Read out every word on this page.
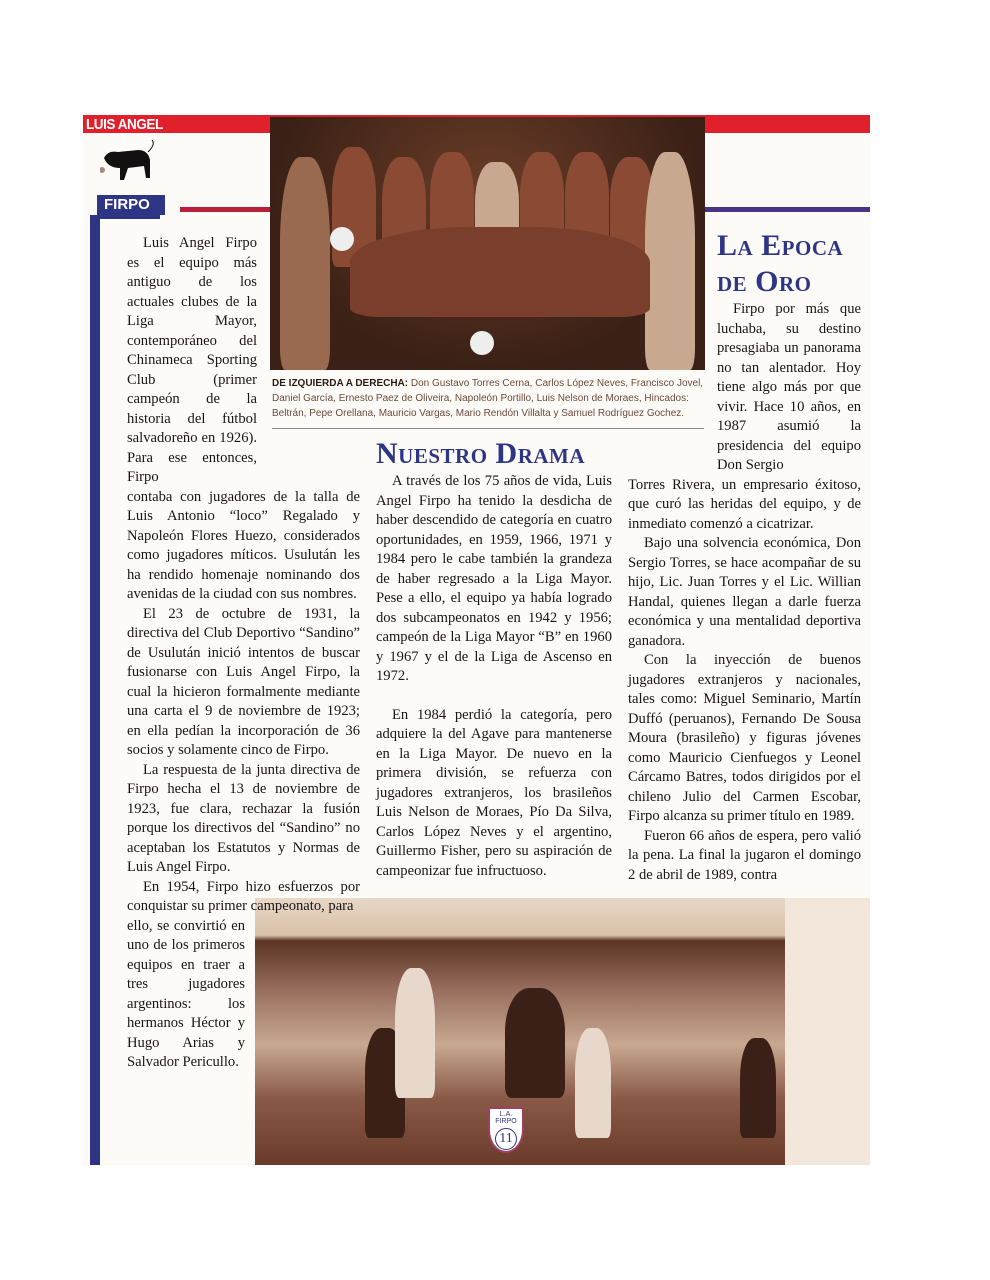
LUIS ANGEL
FIRPO
DE IZQUIERDA A DERECHA: Don Gustavo Torres Cerna, Carlos López Neves, Francisco Jovel, Daniel García, Ernesto Paez de Oliveira, Napoleón Portillo, Luis Nelson de Moraes, Hincados: Beltrán, Pepe Orellana, Mauricio Vargas, Mario Rendón Villalta y Samuel Rodríguez Gochez.
L.A. FIRPO
11

Luis Angel Firpo es el equipo más antiguo de los actuales clubes de la Liga Mayor, contemporáneo del Chinameca Sporting Club (primer campeón de la historia del fútbol salvadoreño en 1926). Para ese entonces, Firpo

contaba con jugadores de la talla de Luis Antonio “loco” Regalado y Napoleón Flores Huezo, considerados como jugadores míticos. Usulután les ha rendido homenaje nominando dos avenidas de la ciudad con sus nombres.

El 23 de octubre de 1931, la directiva del Club Deportivo “Sandino” de Usulután inició intentos de buscar fusionarse con Luis Angel Firpo, la cual la hicieron formalmente mediante una carta el 9 de noviembre de 1923; en ella pedían la incorporación de 36 socios y solamente cinco de Firpo.

La respuesta de la junta directiva de Firpo hecha el 13 de noviembre de 1923, fue clara, rechazar la fusión porque los directivos del “Sandino” no aceptaban los Estatutos y Normas de Luis Angel Firpo.

En 1954, Firpo hizo esfuerzos por conquistar su primer campeonato, para

ello, se convirtió en uno de los primeros equipos en traer a tres jugadores argentinos: los hermanos Héctor y Hugo Arias y Salvador Pericullo.

Nuestro Drama

A través de los 75 años de vida, Luis Angel Firpo ha tenido la desdicha de haber descendido de categoría en cuatro oportunidades, en 1959, 1966, 1971 y 1984 pero le cabe también la grandeza de haber regresado a la Liga Mayor. Pese a ello, el equipo ya había logrado dos subcampeonatos en 1942 y 1956; campeón de la Liga Mayor “B” en 1960 y 1967 y el de la Liga de Ascenso en 1972.

En 1984 perdió la categoría, pero adquiere la del Agave para mantenerse en la Liga Mayor. De nuevo en la primera división, se refuerza con jugadores extranjeros, los brasileños Luis Nelson de Moraes, Pío Da Silva, Carlos López Neves y el argentino, Guillermo Fisher, pero su aspiración de campeonizar fue infructuoso.

La Epoca
de Oro

Firpo por más que luchaba, su destino presagiaba un panorama no tan alentador. Hoy tiene algo más por que vivir. Hace 10 años, en 1987 asumió la presidencia del equipo Don Sergio

Torres Rivera, un empresario éxitoso, que curó las heridas del equipo, y de inmediato comenzó a cicatrizar.

Bajo una solvencia económica, Don Sergio Torres, se hace acompañar de su hijo, Lic. Juan Torres y el Lic. Willian Handal, quienes llegan a darle fuerza económica y una mentalidad deportiva ganadora.

Con la inyección de buenos jugadores extranjeros y nacionales, tales como: Miguel Seminario, Martín Duffó (peruanos), Fernando De Sousa Moura (brasileño) y figuras jóvenes como Mauricio Cienfuegos y Leonel Cárcamo Batres, todos dirigidos por el chileno Julio del Carmen Escobar, Firpo alcanza su primer título en 1989.

Fueron 66 años de espera, pero valió la pena. La final la jugaron el domingo 2 de abril de 1989, contra
